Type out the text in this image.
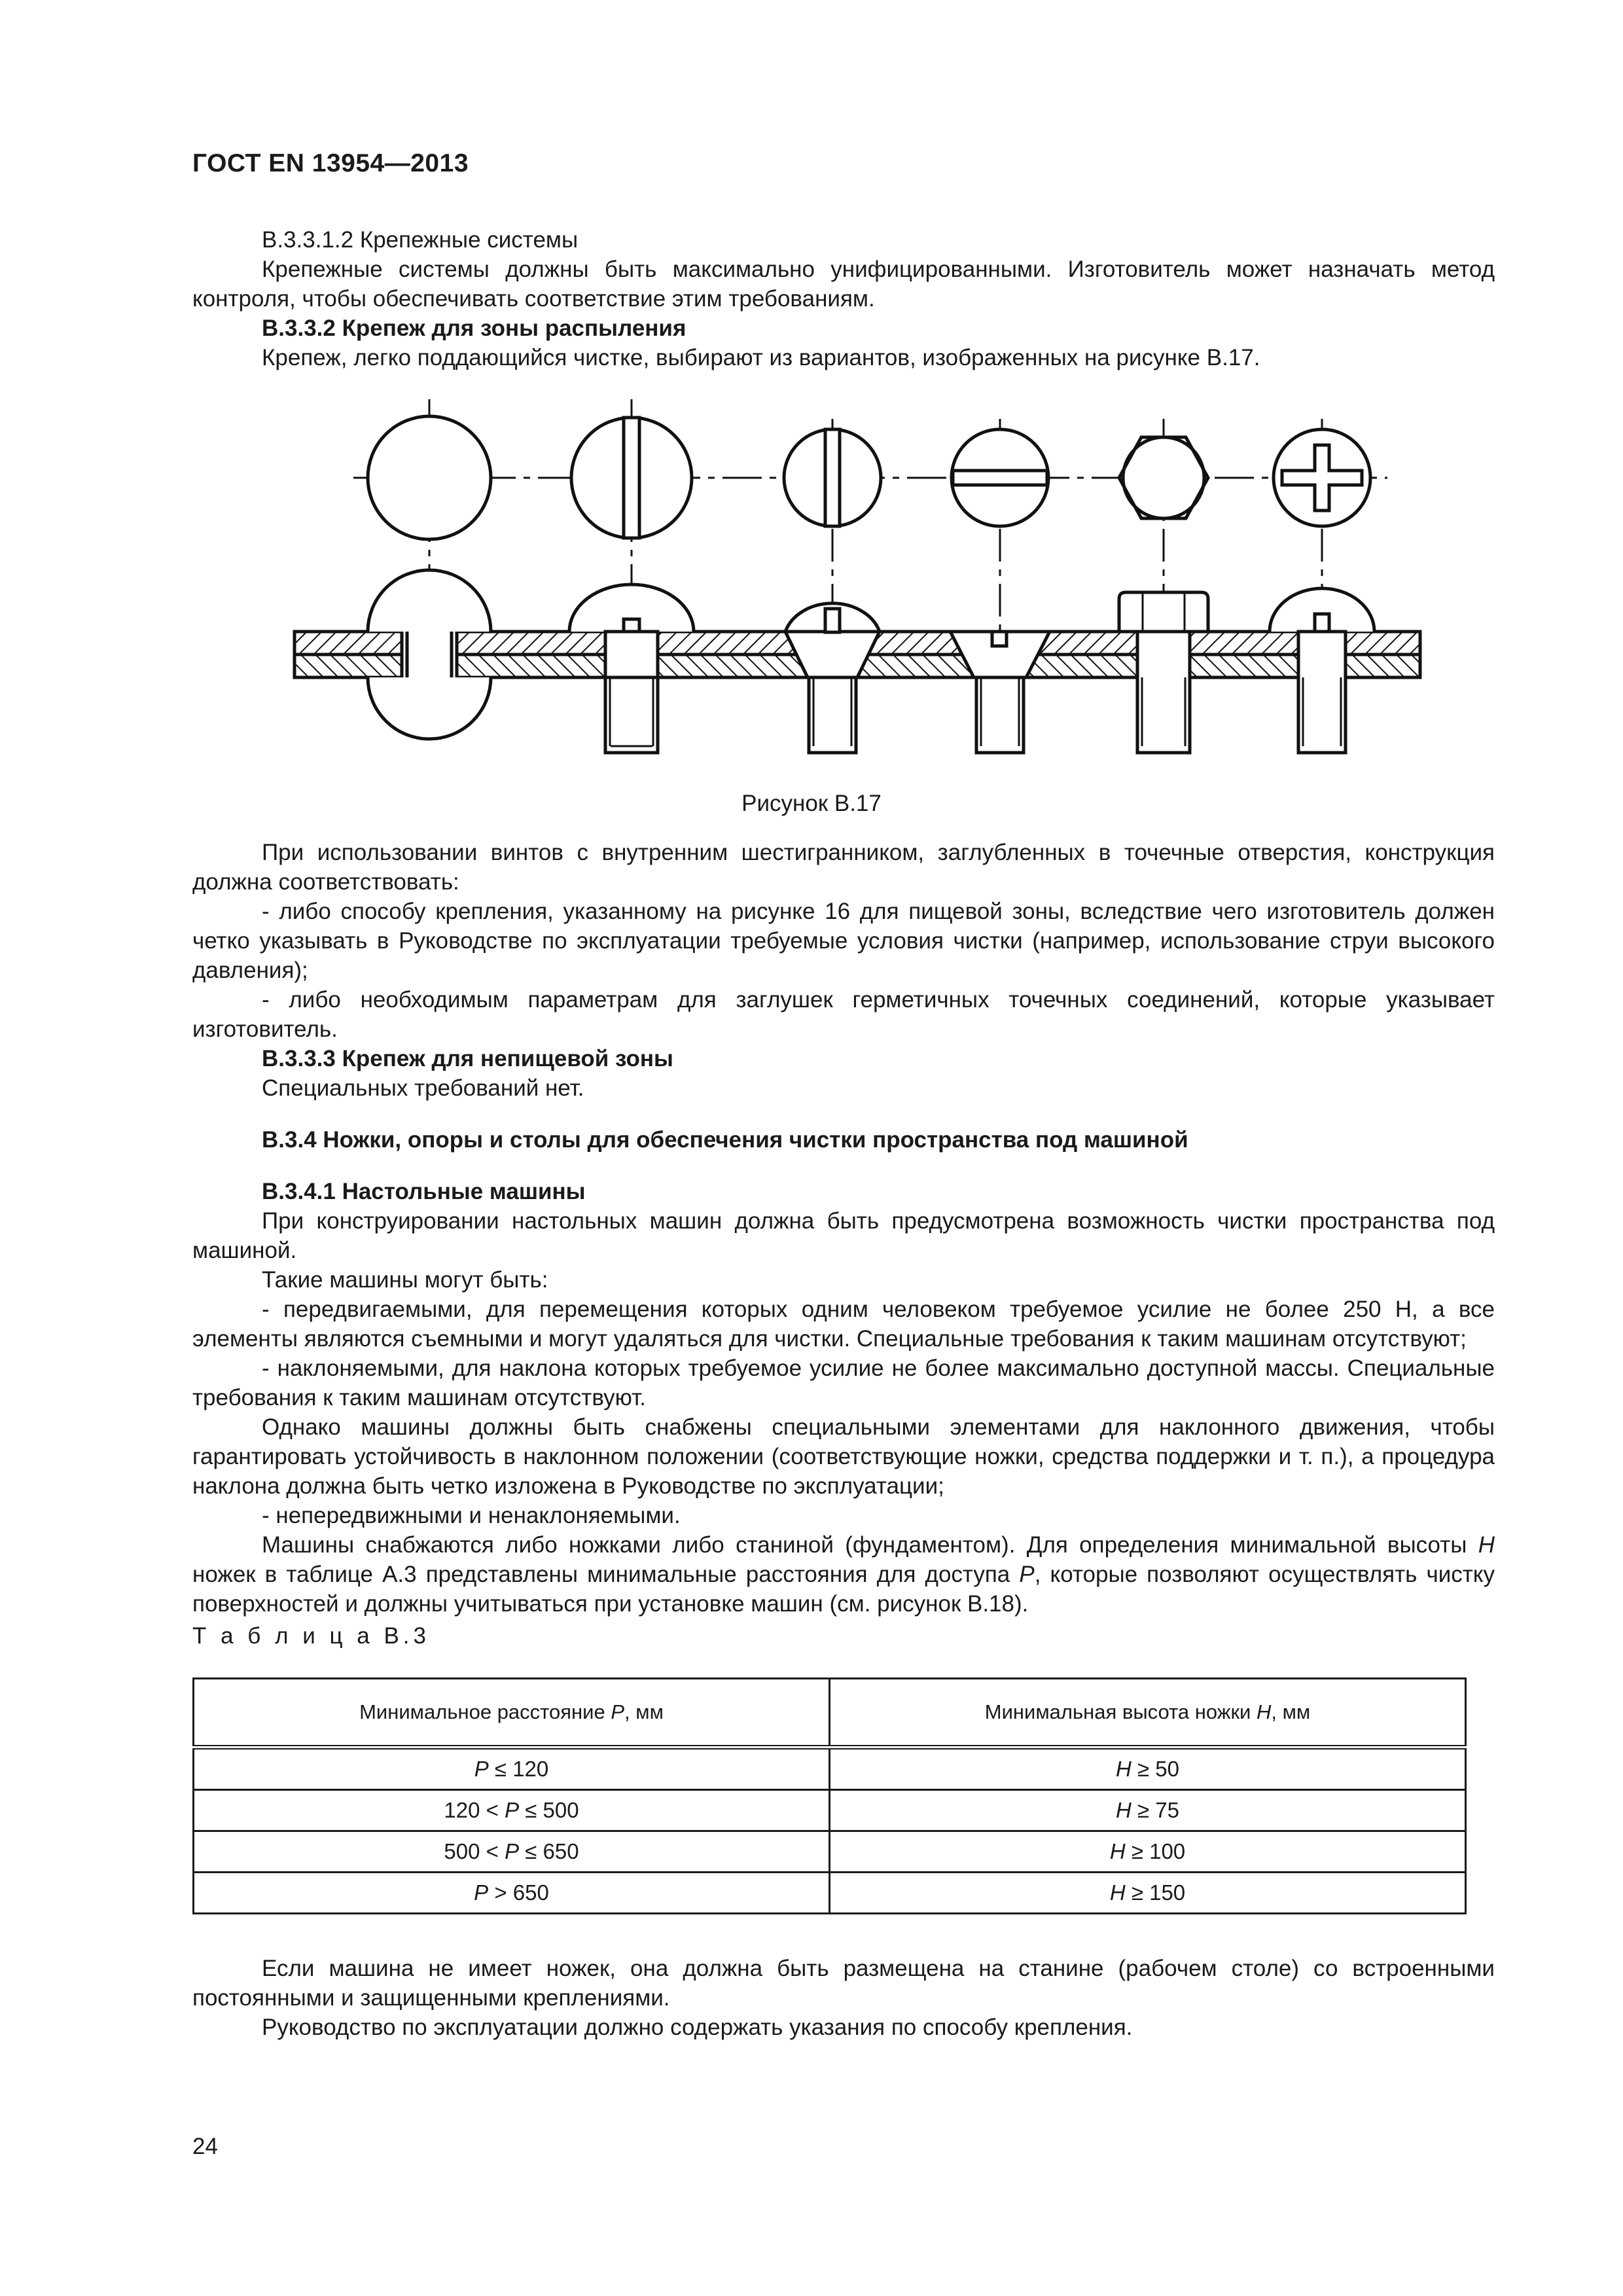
ГОСТ EN 13954—2013

В.3.3.1.2 Крепежные системы

Крепежные системы должны быть максимально унифицированными. Изготовитель может назначать метод контроля, чтобы обеспечивать соответствие этим требованиям.

В.3.3.2 Крепеж для зоны распыления

Крепеж, легко поддающийся чистке, выбирают из вариантов, изображенных на рисунке В.17.

Рисунок В.17

При использовании винтов с внутренним шестигранником, заглубленных в точечные отверстия, конструкция должна соответствовать:

- либо способу крепления, указанному на рисунке 16 для пищевой зоны, вследствие чего изготовитель должен четко указывать в Руководстве по эксплуатации требуемые условия чистки (например, использование струи высокого давления);

- либо необходимым параметрам для заглушек герметичных точечных соединений, которые указывает изготовитель.

В.3.3.3 Крепеж для непищевой зоны

Специальных требований нет.

В.3.4 Ножки, опоры и столы для обеспечения чистки пространства под машиной

В.3.4.1 Настольные машины

При конструировании настольных машин должна быть предусмотрена возможность чистки пространства под машиной.

Такие машины могут быть:

- передвигаемыми, для перемещения которых одним человеком требуемое усилие не более 250 Н, а все элементы являются съемными и могут удаляться для чистки. Специальные требования к таким машинам отсутствуют;

- наклоняемыми, для наклона которых требуемое усилие не более максимально доступной массы. Специальные требования к таким машинам отсутствуют.

Однако машины должны быть снабжены специальными элементами для наклонного движения, чтобы гарантировать устойчивость в наклонном положении (соответствующие ножки, средства поддержки и т. п.), а процедура наклона должна быть четко изложена в Руководстве по эксплуатации;

- непередвижными и ненаклоняемыми.

Машины снабжаются либо ножками либо станиной (фундаментом). Для определения минимальной высоты H ножек в таблице А.3 представлены минимальные расстояния для доступа P, которые позволяют осуществлять чистку поверхностей и должны учитываться при установке машин (см. рисунок В.18).

Т а б л и ц а В.3
Минимальное расстояние P, мм	Минимальная высота ножки H, мм
P ≤ 120	H ≥ 50
120 < P ≤ 500	H ≥ 75
500 < P ≤ 650	H ≥ 100
P > 650	H ≥ 150

Если машина не имеет ножек, она должна быть размещена на станине (рабочем столе) со встроенными постоянными и защищенными креплениями.

Руководство по эксплуатации должно содержать указания по способу крепления.

24
